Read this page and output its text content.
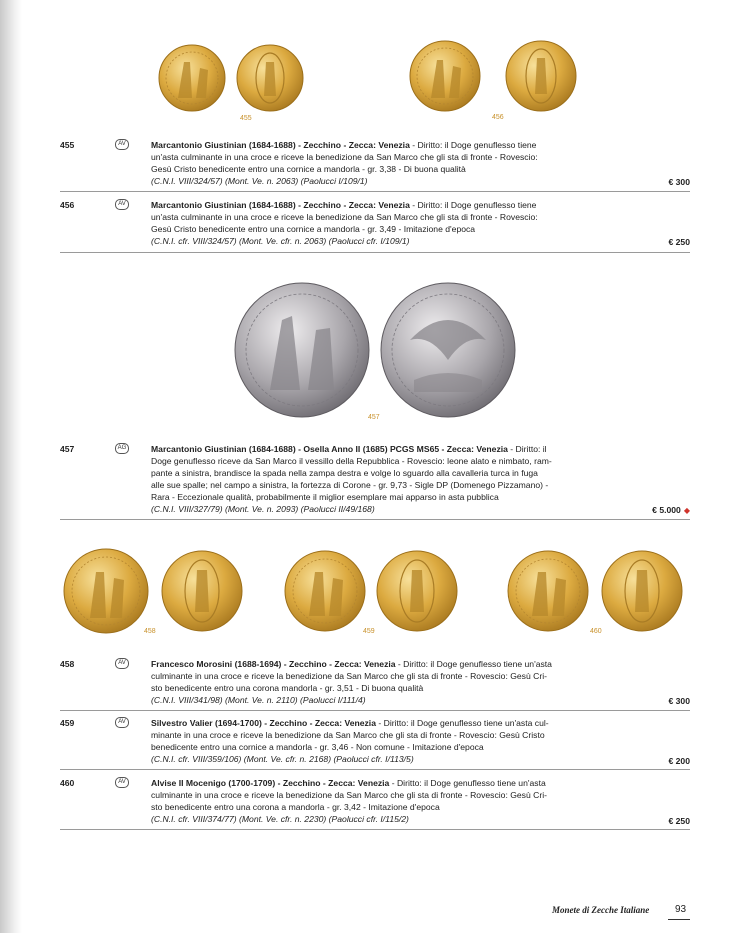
455	456
455	AV	Marcantonio Giustinian (1684-1688) - Zecchino - Zecca: Venezia - Diritto: il Doge genuflesso tiene
un'asta culminante in una croce e riceve la benedizione da San Marco che gli sta di fronte - Rovescio:
Gesù Cristo benedicente entro una cornice a mandorla - gr. 3,38 - Di buona qualità
(C.N.I. VIII/324/57) (Mont. Ve. n. 2063) (Paolucci I/109/1)	€ 300
456	AV	Marcantonio Giustinian (1684-1688) - Zecchino - Zecca: Venezia - Diritto: il Doge genuflesso tiene
un'asta culminante in una croce e riceve la benedizione da San Marco che gli sta di fronte - Rovescio:
Gesù Cristo benedicente entro una cornice a mandorla - gr. 3,49 - Imitazione d'epoca
(C.N.I. cfr. VIII/324/57) (Mont. Ve. cfr. n. 2063) (Paolucci cfr. I/109/1)	€ 250
457
457	AG	Marcantonio Giustinian (1684-1688) - Osella Anno II (1685) PCGS MS65 - Zecca: Venezia - Diritto: il
Doge genuflesso riceve da San Marco il vessillo della Repubblica - Rovescio: leone alato e nimbato, ram-
pante a sinistra, brandisce la spada nella zampa destra e volge lo sguardo alla cavalleria turca in fuga
alle sue spalle; nel campo a sinistra, la fortezza di Corone - gr. 9,73 - Sigle DP (Domenego Pizzamano) -
Rara - Eccezionale qualità, probabilmente il miglior esemplare mai apparso in asta pubblica
(C.N.I. VIII/327/79) (Mont. Ve. n. 2093) (Paolucci II/49/168)	€ 5.000 ◆
458	459	460
458	AV	Francesco Morosini (1688-1694) - Zecchino - Zecca: Venezia - Diritto: il Doge genuflesso tiene un'asta
culminante in una croce e riceve la benedizione da San Marco che gli sta di fronte - Rovescio: Gesù Cri-
sto benedicente entro una corona mandorla - gr. 3,51 - Di buona qualità
(C.N.I. VIII/341/98) (Mont. Ve. n. 2110) (Paolucci I/111/4)	€ 300
459	AV	Silvestro Valier (1694-1700) - Zecchino - Zecca: Venezia - Diritto: il Doge genuflesso tiene un'asta cul-
minante in una croce e riceve la benedizione da San Marco che gli sta di fronte - Rovescio: Gesù Cristo
benedicente entro una cornice a mandorla - gr. 3,46 - Non comune - Imitazione d'epoca
(C.N.I. cfr. VIII/359/106) (Mont. Ve. cfr. n. 2168) (Paolucci cfr. I/113/5)	€ 200
460	AV	Alvise II Mocenigo (1700-1709) - Zecchino - Zecca: Venezia - Diritto: il Doge genuflesso tiene un'asta
culminante in una croce e riceve la benedizione da San Marco che gli sta di fronte - Rovescio: Gesù Cri-
sto benedicente entro una corona a mandorla - gr. 3,42 - Imitazione d'epoca
(C.N.I. cfr. VIII/374/77) (Mont. Ve. cfr. n. 2230) (Paolucci cfr. I/115/2)	€ 250
Monete di Zecche Italiane	93
